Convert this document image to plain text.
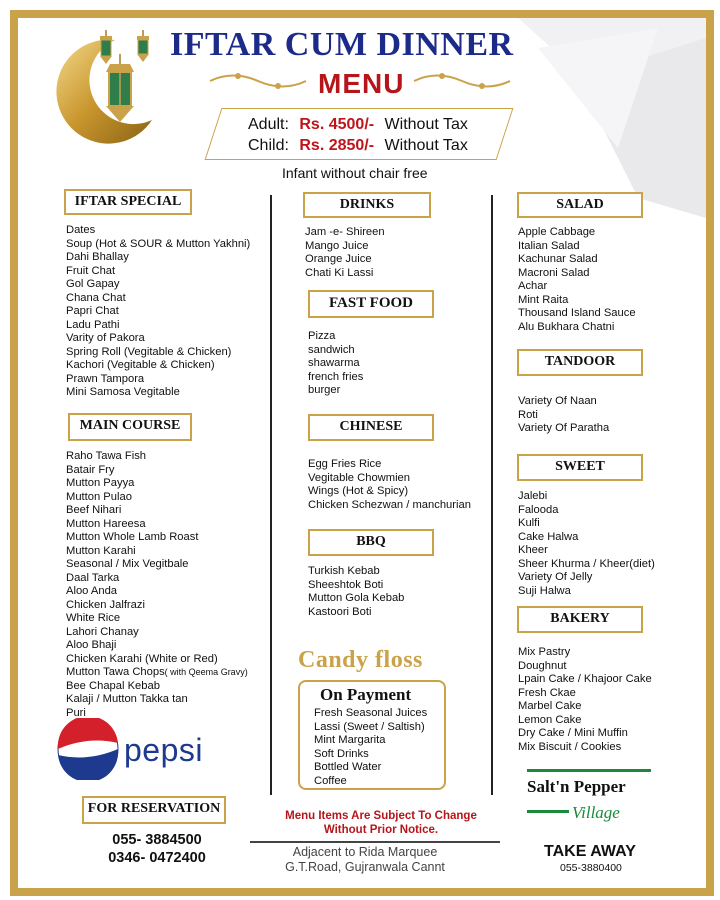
IFTAR CUM DINNER
MENU
Adult: Rs. 4500/- Without Tax
Child: Rs. 2850/- Without Tax
Infant without chair free
IFTAR SPECIAL
Dates
Soup (Hot & SOUR & Mutton Yakhni)
Dahi Bhallay
Fruit Chat
Gol Gapay
Chana Chat
Papri Chat
Ladu Pathi
Varity of Pakora
Spring Roll (Vegitable & Chicken)
Kachori (Vegitable & Chicken)
Prawn Tampora
Mini Samosa Vegitable
MAIN COURSE
Raho Tawa Fish
Batair Fry
Mutton Payya
Mutton Pulao
Beef Nihari
Mutton Hareesa
Mutton Whole Lamb Roast
Mutton Karahi
Seasonal / Mix Vegitbale
Daal Tarka
Aloo Anda
Chicken Jalfrazi
White Rice
Lahori Chanay
Aloo Bhaji
Chicken Karahi (White or Red)
Mutton Tawa Chops( with Qeema Gravy)
Bee Chapal Kebab
Kalaji / Mutton Takka tan
Puri
pepsi
FOR RESERVATION
055- 3884500
0346- 0472400
DRINKS
Jam -e- Shireen
Mango Juice
Orange Juice
Chati Ki Lassi
FAST FOOD
Pizza
sandwich
shawarma
french fries
burger
CHINESE
Egg Fries Rice
Vegitable Chowmien
Wings (Hot & Spicy)
Chicken Schezwan / manchurian
BBQ
Turkish Kebab
Sheeshtok Boti
Mutton Gola Kebab
Kastoori Boti
Candy floss
On Payment
Fresh Seasonal Juices
Lassi (Sweet / Saltish)
Mint Margarita
Soft Drinks
Bottled Water
Coffee
Menu Items Are Subject To Change
Without Prior Notice.
Adjacent to Rida Marquee
G.T.Road, Gujranwala Cannt
SALAD
Apple Cabbage
Italian Salad
Kachunar Salad
Macroni Salad
Achar
Mint Raita
Thousand Island Sauce
Alu Bukhara Chatni
TANDOOR
Variety Of Naan
Roti
Variety Of Paratha
SWEET
Jalebi
Falooda
Kulfi
Cake Halwa
Kheer
Sheer Khurma / Kheer(diet)
Variety Of Jelly
Suji Halwa
BAKERY
Mix Pastry
Doughnut
Lpain Cake / Khajoor Cake
Fresh Ckae
Marbel Cake
Lemon Cake
Dry Cake / Mini Muffin
Mix Biscuit / Cookies
Salt'n Pepper
Village
TAKE AWAY
055-3880400
